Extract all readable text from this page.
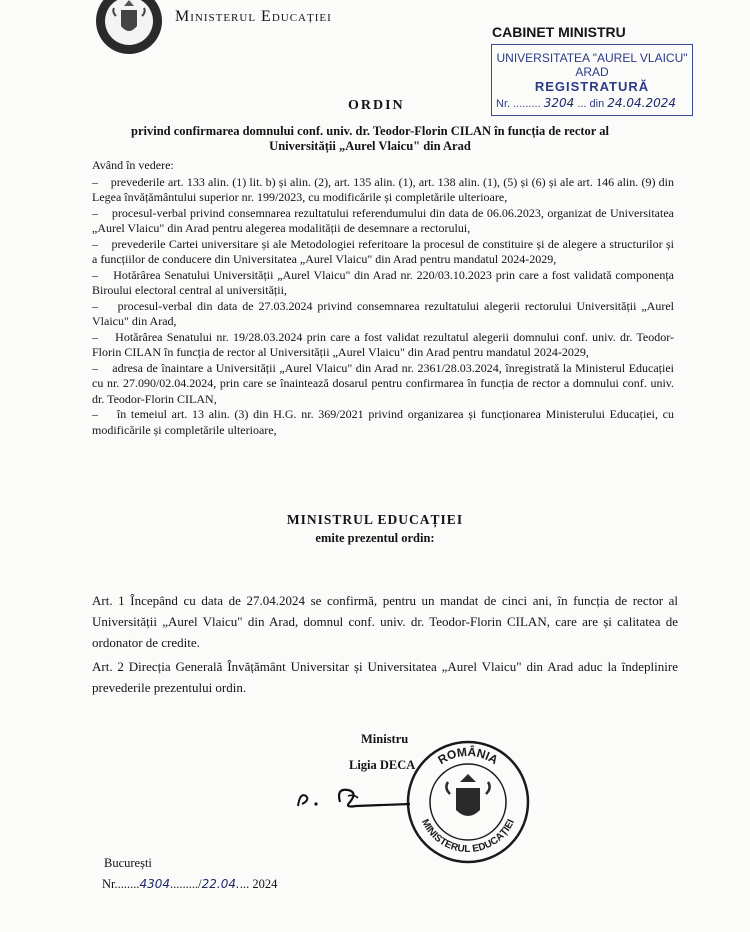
Ministerul Educației
CABINET MINISTRU
UNIVERSITATEA "AUREL VLAICU"
ARAD
REGISTRATURĂ
Nr. ......... 3204 ... din 24.04.2024
ORDIN
privind confirmarea domnului conf. univ. dr. Teodor-Florin CILAN în funcția de rector al Universității „Aurel Vlaicu" din Arad

Având în vedere:

–    prevederile art. 133 alin. (1) lit. b) și alin. (2), art. 135 alin. (1), art. 138 alin. (1), (5) și (6) și ale art. 146 alin. (9) din Legea învățământului superior nr. 199/2023, cu modificările și completările ulterioare,

–    procesul-verbal privind consemnarea rezultatului referendumului din data de 06.06.2023, organizat de Universitatea „Aurel Vlaicu" din Arad pentru alegerea modalității de desemnare a rectorului,

–    prevederile Cartei universitare și ale Metodologiei referitoare la procesul de constituire și de alegere a structurilor și a funcțiilor de conducere din Universitatea „Aurel Vlaicu" din Arad pentru mandatul 2024-2029,

–    Hotărârea Senatului Universității „Aurel Vlaicu" din Arad nr. 220/03.10.2023 prin care a fost validată componența Biroului electoral central al universității,

–    procesul-verbal din data de 27.03.2024 privind consemnarea rezultatului alegerii rectorului Universității „Aurel Vlaicu" din Arad,

–    Hotărârea Senatului nr. 19/28.03.2024 prin care a fost validat rezultatul alegerii domnului conf. univ. dr. Teodor-Florin CILAN în funcția de rector al Universității „Aurel Vlaicu" din Arad pentru mandatul 2024-2029,

–    adresa de înaintare a Universității „Aurel Vlaicu" din Arad nr. 2361/28.03.2024, înregistrată la Ministerul Educației cu nr. 27.090/02.04.2024, prin care se înaintează dosarul pentru confirmarea în funcția de rector a domnului conf. univ. dr. Teodor-Florin CILAN,

–    în temeiul art. 13 alin. (3) din H.G. nr. 369/2021 privind organizarea și funcționarea Ministerului Educației, cu modificările și completările ulterioare,

MINISTRUL EDUCAȚIEI
emite prezentul ordin:
Art. 1 Începând cu data de 27.04.2024 se confirmă, pentru un mandat de cinci ani, în funcția de rector al Universității „Aurel Vlaicu" din Arad, domnul conf. univ. dr. Teodor-Florin CILAN, care are și calitatea de ordonator de credite.
Art. 2 Direcția Generală Învățământ Universitar și Universitatea „Aurel Vlaicu" din Arad aduc la îndeplinire prevederile prezentului ordin.
Ministru
Ligia DECA ROMÂNIA
MINISTERUL EDUCAȚIEI
București
Nr........4304........./22.04.... 2024
